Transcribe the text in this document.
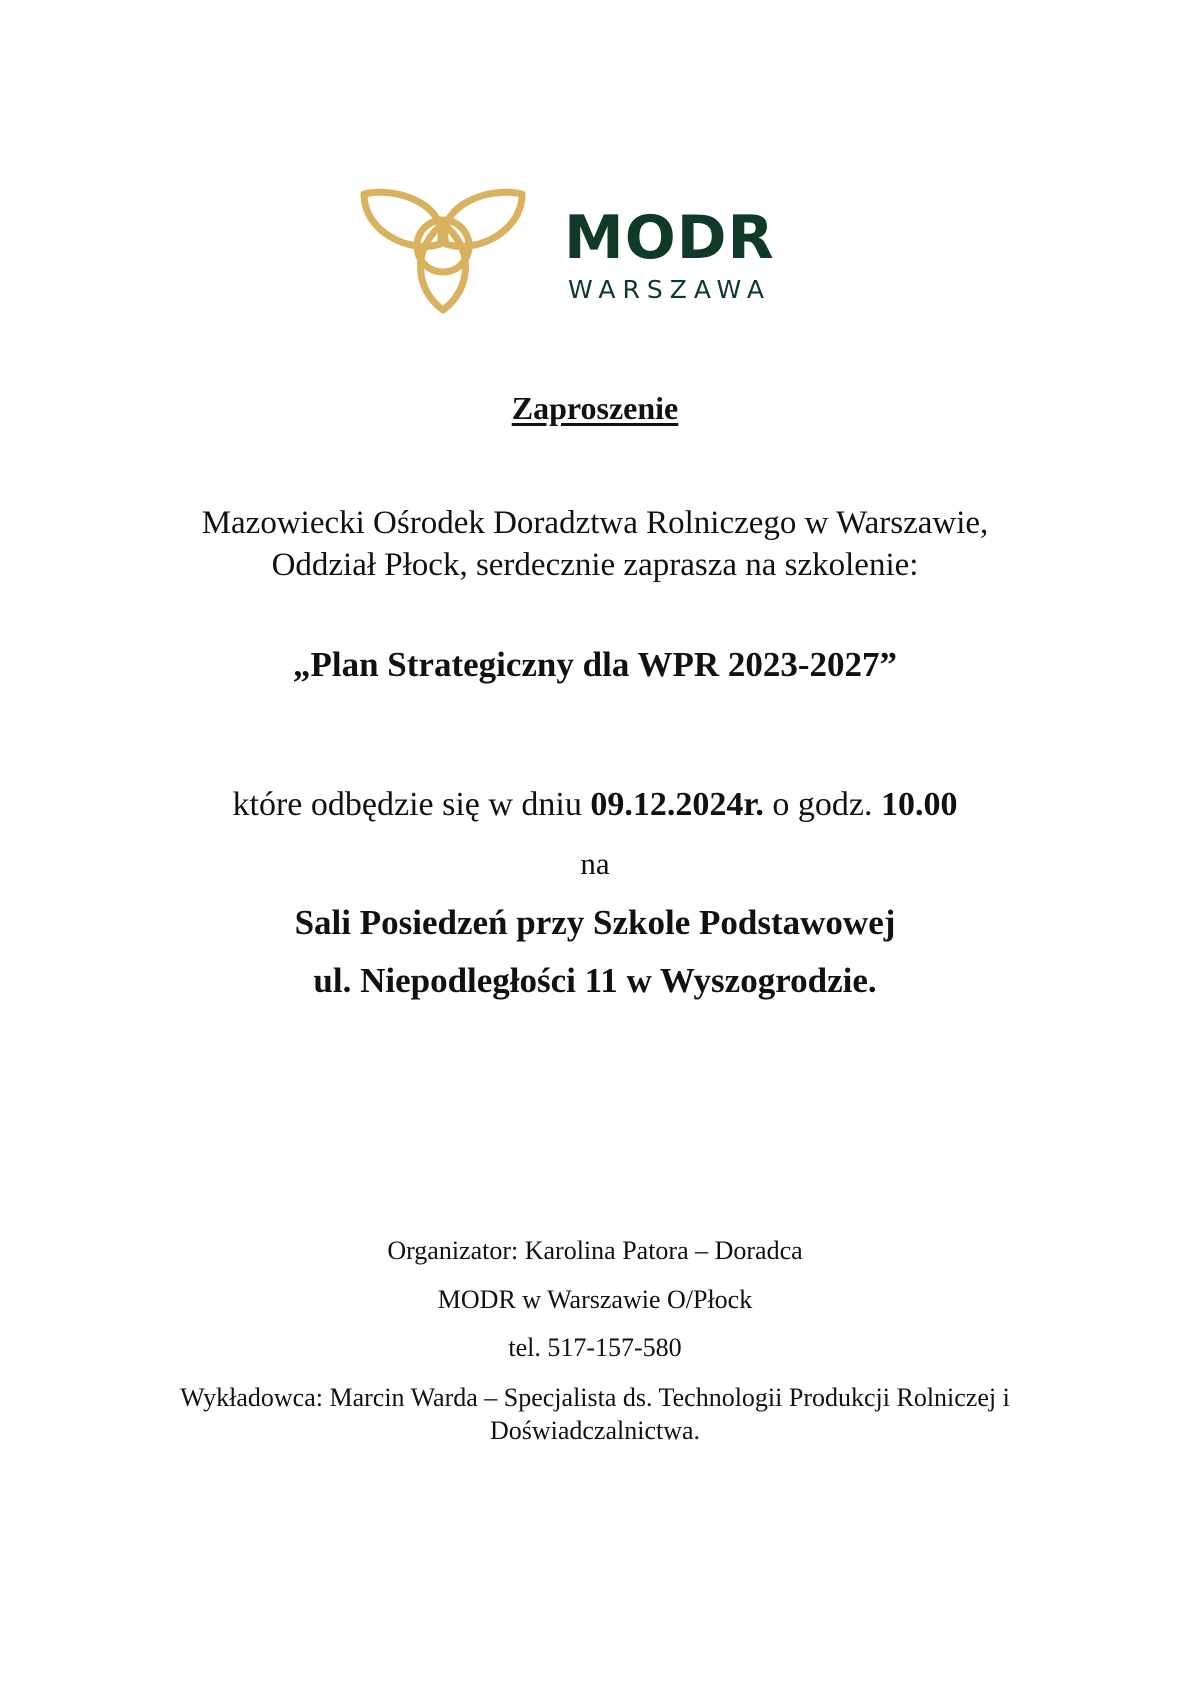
MODR
WARSZAWA
Zaproszenie
Mazowiecki Ośrodek Doradztwa Rolniczego w Warszawie,
Oddział Płock, serdecznie zaprasza na szkolenie:
„Plan Strategiczny dla WPR 2023-2027”
które odbędzie się w dniu 09.12.2024r. o godz. 10.00
na
Sali Posiedzeń przy Szkole Podstawowej
ul. Niepodległości 11 w Wyszogrodzie.
Organizator: Karolina Patora – Doradca
MODR w Warszawie O/Płock
tel. 517-157-580
Wykładowca: Marcin Warda – Specjalista ds. Technologii Produkcji Rolniczej i
Doświadczalnictwa.
